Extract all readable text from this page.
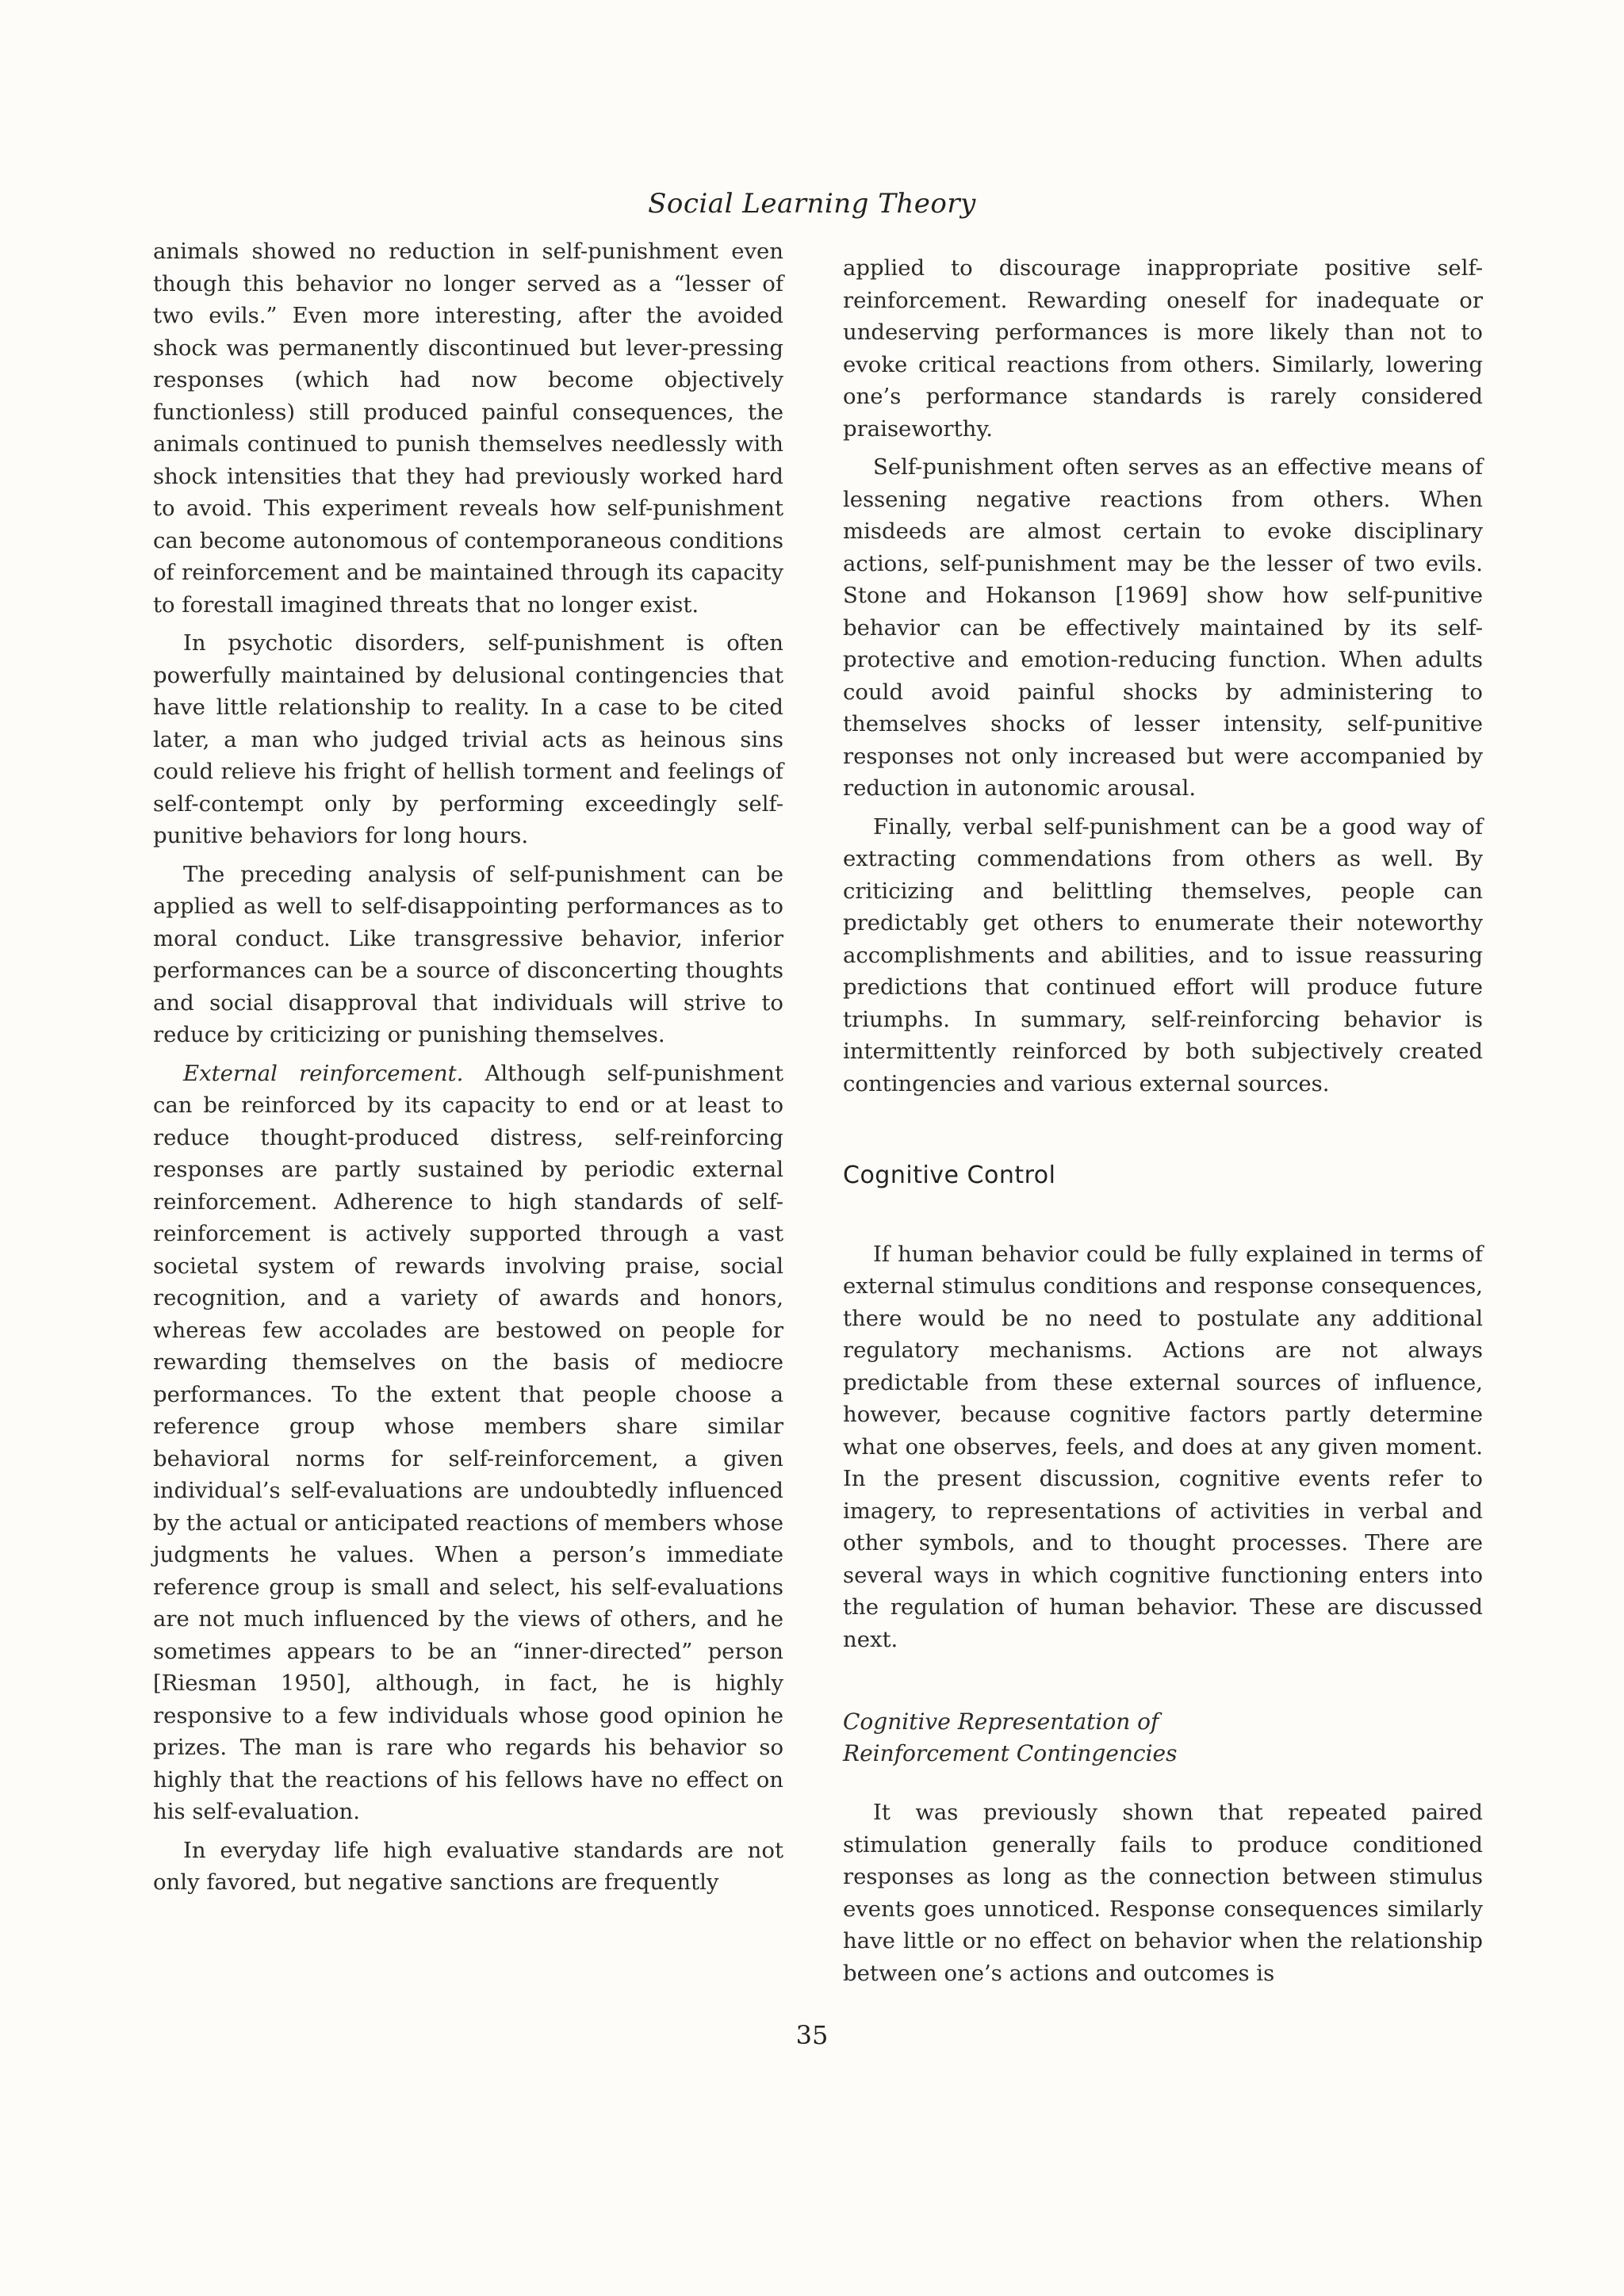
Social Learning Theory

animals showed no reduction in self-punishment even though this behavior no longer served as a “lesser of two evils.” Even more interesting, after the avoided shock was permanently discontinued but lever-pressing responses (which had now become objectively functionless) still produced painful consequences, the animals continued to punish themselves needlessly with shock intensities that they had previously worked hard to avoid. This experiment reveals how self-punishment can become autonomous of contemporaneous conditions of reinforcement and be maintained through its capacity to forestall imagined threats that no longer exist.

In psychotic disorders, self-punishment is often powerfully maintained by delusional contingencies that have little relationship to reality. In a case to be cited later, a man who judged trivial acts as heinous sins could relieve his fright of hellish torment and feelings of self-contempt only by performing exceedingly self-punitive behaviors for long hours.

The preceding analysis of self-punishment can be applied as well to self-disappointing performances as to moral conduct. Like transgressive behavior, inferior performances can be a source of disconcerting thoughts and social disapproval that individuals will strive to reduce by criticizing or punishing themselves.

External reinforcement. Although self-punishment can be reinforced by its capacity to end or at least to reduce thought-produced distress, self-reinforcing responses are partly sustained by periodic external reinforcement. Adherence to high standards of self-reinforcement is actively supported through a vast societal system of rewards involving praise, social recognition, and a variety of awards and honors, whereas few accolades are bestowed on people for rewarding themselves on the basis of mediocre performances. To the extent that people choose a reference group whose members share similar behavioral norms for self-reinforcement, a given individual’s self-evaluations are undoubtedly influenced by the actual or anticipated reactions of members whose judgments he values. When a person’s immediate reference group is small and select, his self-evaluations are not much influenced by the views of others, and he sometimes appears to be an “inner-directed” person [Riesman 1950], although, in fact, he is highly responsive to a few individuals whose good opinion he prizes. The man is rare who regards his behavior so highly that the reactions of his fellows have no effect on his self-evaluation.

In everyday life high evaluative standards are not only favored, but negative sanctions are frequently

applied to discourage inappropriate positive self-reinforcement. Rewarding oneself for inadequate or undeserving performances is more likely than not to evoke critical reactions from others. Similarly, lowering one’s performance standards is rarely considered praiseworthy.

Self-punishment often serves as an effective means of lessening negative reactions from others. When misdeeds are almost certain to evoke disciplinary actions, self-punishment may be the lesser of two evils. Stone and Hokanson [1969] show how self-punitive behavior can be effectively maintained by its self-protective and emotion-reducing function. When adults could avoid painful shocks by administering to themselves shocks of lesser intensity, self-punitive responses not only increased but were accompanied by reduction in autonomic arousal.

Finally, verbal self-punishment can be a good way of extracting commendations from others as well. By criticizing and belittling themselves, people can predictably get others to enumerate their noteworthy accomplishments and abilities, and to issue reassuring predictions that continued effort will produce future triumphs. In summary, self-reinforcing behavior is intermittently reinforced by both subjectively created contingencies and various external sources.

Cognitive Control

If human behavior could be fully explained in terms of external stimulus conditions and response consequences, there would be no need to postulate any additional regulatory mechanisms. Actions are not always predictable from these external sources of influence, however, because cognitive factors partly determine what one observes, feels, and does at any given moment. In the present discussion, cognitive events refer to imagery, to representations of activities in verbal and other symbols, and to thought processes. There are several ways in which cognitive functioning enters into the regulation of human behavior. These are discussed next.

Cognitive Representation of
Reinforcement Contingencies

It was previously shown that repeated paired stimulation generally fails to produce conditioned responses as long as the connection between stimulus events goes unnoticed. Response consequences similarly have little or no effect on behavior when the relationship between one’s actions and outcomes is

35
